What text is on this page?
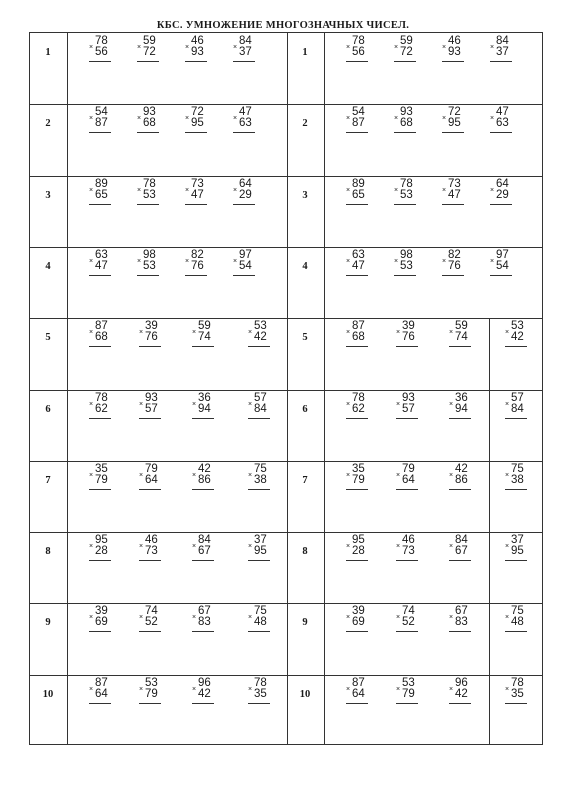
КБС. УМНОЖЕНИЕ МНОГОЗНАЧНЫХ ЧИСЕЛ.
1	×
78
56	×
59
72	×
46
93	×
84
37	1	×
78
56	×
59
72	×
46
93	×
84
37
2	×
54
87	×
93
68	×
72
95	×
47
63	2	×
54
87	×
93
68	×
72
95	×
47
63
3	×
89
65	×
78
53	×
73
47	×
64
29	3	×
89
65	×
78
53	×
73
47	×
64
29
4	×
63
47	×
98
53	×
82
76	×
97
54	4	×
63
47	×
98
53	×
82
76	×
97
54
5	×
87
68	×
39
76	×
59
74	×
53
42	5	×
87
68	×
39
76	×
59
74	×
53
42
6	×
78
62	×
93
57	×
36
94	×
57
84	6	×
78
62	×
93
57	×
36
94	×
57
84
7	×
35
79	×
79
64	×
42
86	×
75
38	7	×
35
79	×
79
64	×
42
86	×
75
38
8	×
95
28	×
46
73	×
84
67	×
37
95	8	×
95
28	×
46
73	×
84
67	×
37
95
9	×
39
69	×
74
52	×
67
83	×
75
48	9	×
39
69	×
74
52	×
67
83	×
75
48
10	×
87
64	×
53
79	×
96
42	×
78
35	10	×
87
64	×
53
79	×
96
42	×
78
35
